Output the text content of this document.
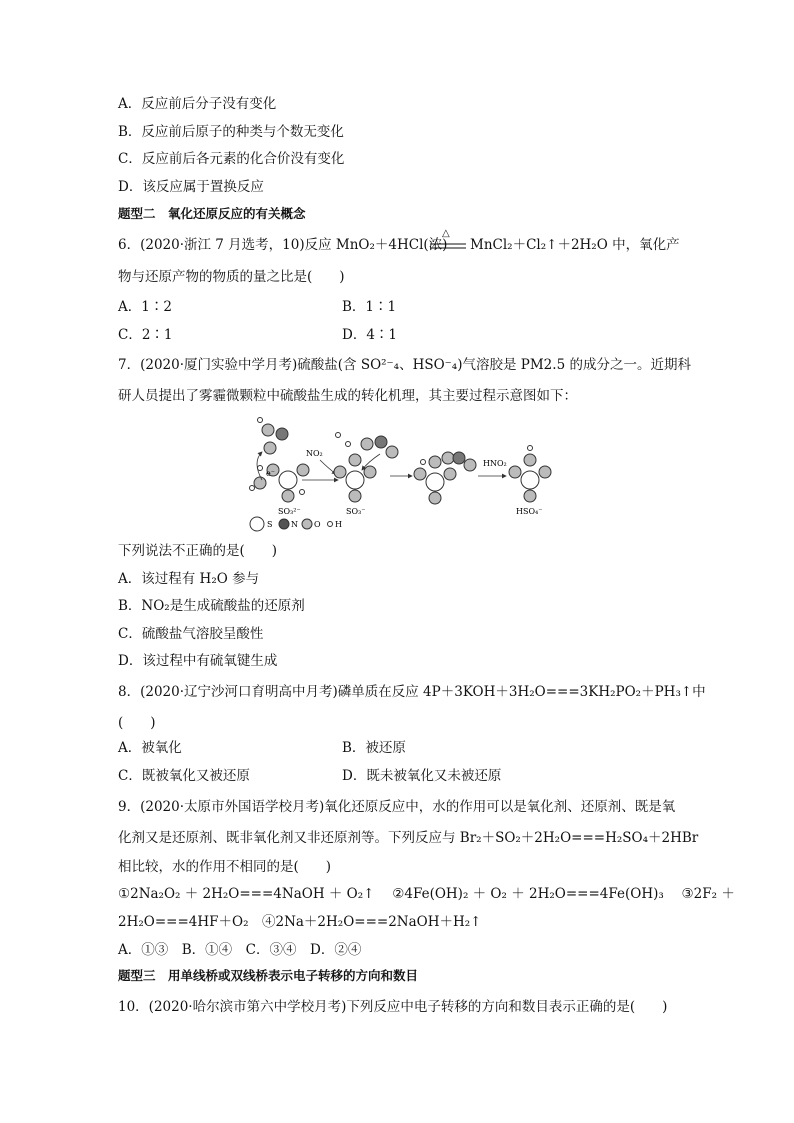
A．反应前后分子没有变化
B．反应前后原子的种类与个数无变化
C．反应前后各元素的化合价没有变化
D．该反应属于置换反应
题型二　氧化还原反应的有关概念
6．(2020·浙江 7 月选考，10)反应 MnO₂＋4HCl(浓)
△
MnCl₂＋Cl₂↑＋2H₂O 中，氧化产
物与还原产物的物质的量之比是(　　)
A．1∶2	B．1∶1
C．2∶1	D．4∶1
7．(2020·厦门实验中学月考)硫酸盐(含 SO²⁻₄、HSO⁻₄)气溶胶是 PM2.5 的成分之一。近期科
研人员提出了雾霾微颗粒中硫酸盐生成的转化机理，其主要过程示意图如下：
e⁻
SO₃²⁻
NO₂
SO₃⁻
HNO₂
HSO₄⁻
S N O H
下列说法不正确的是(　　)
A．该过程有 H₂O 参与
B．NO₂是生成硫酸盐的还原剂
C．硫酸盐气溶胶呈酸性
D．该过程中有硫氧键生成
8．(2020·辽宁沙河口育明高中月考)磷单质在反应 4P＋3KOH＋3H₂O===3KH₂PO₂＋PH₃↑中
(　　)
A．被氧化	B．被还原
C．既被氧化又被还原	D．既未被氧化又未被还原
9．(2020·太原市外国语学校月考)氧化还原反应中，水的作用可以是氧化剂、还原剂、既是氧
化剂又是还原剂、既非氧化剂又非还原剂等。下列反应与 Br₂＋SO₂＋2H₂O===H₂SO₄＋2HBr
相比较，水的作用不相同的是(　　)
①2Na₂O₂ ＋ 2H₂O===4NaOH ＋ O₂↑　 ②4Fe(OH)₂ ＋ O₂ ＋ 2H₂O===4Fe(OH)₃　 ③2F₂ ＋
2H₂O===4HF＋O₂　④2Na＋2H₂O===2NaOH＋H₂↑
A．①③　B．①④　C．③④　D．②④
题型三　用单线桥或双线桥表示电子转移的方向和数目
10．(2020·哈尔滨市第六中学校月考)下列反应中电子转移的方向和数目表示正确的是(　　)
